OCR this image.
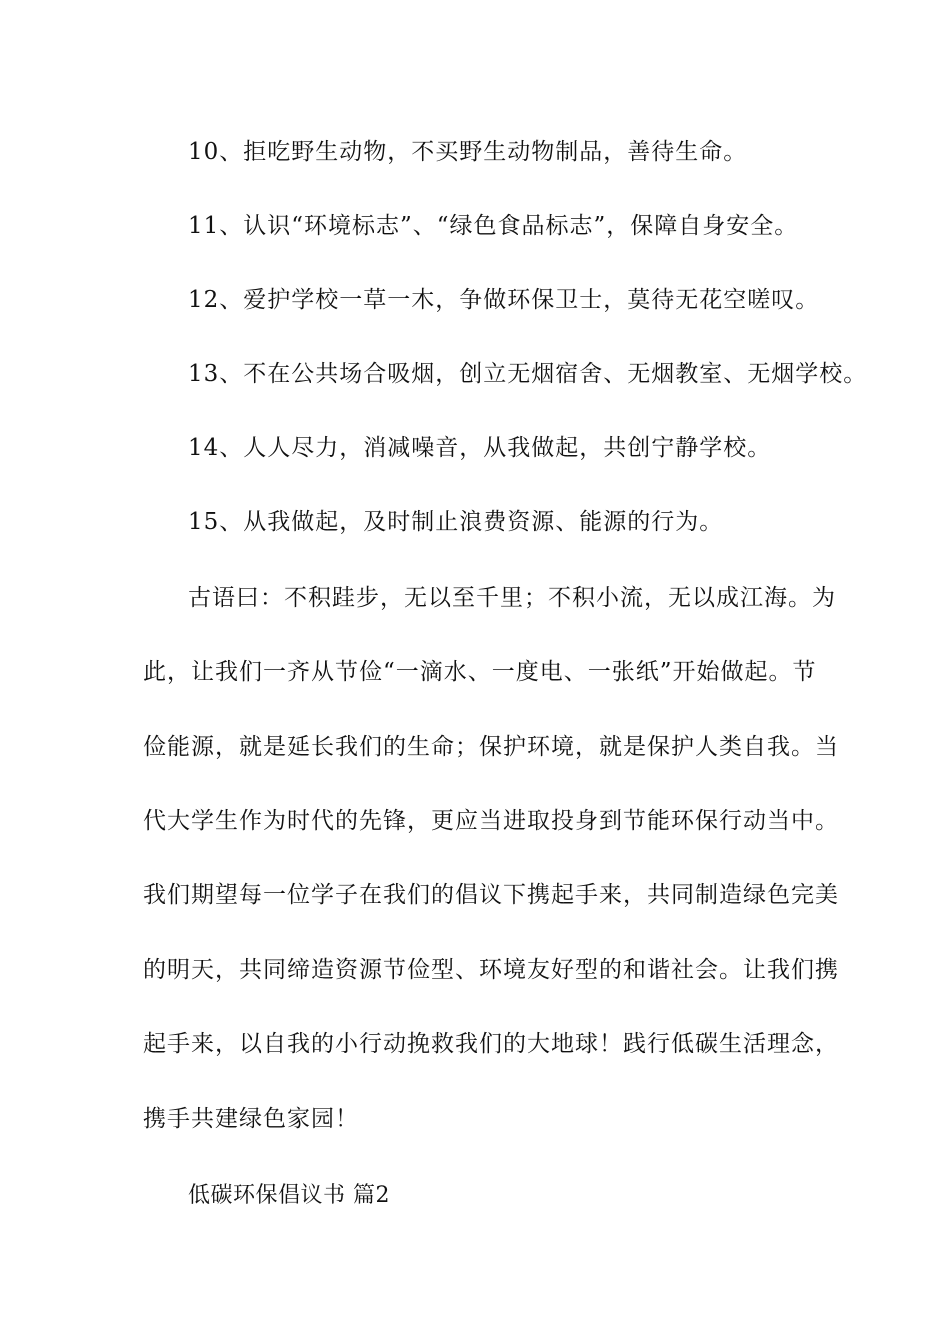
10、拒吃野生动物，不买野生动物制品，善待生命。
11、认识“环境标志”、“绿色食品标志”，保障自身安全。
12、爱护学校一草一木，争做环保卫士，莫待无花空嗟叹。
13、不在公共场合吸烟，创立无烟宿舍、无烟教室、无烟学校。
14、人人尽力，消减噪音，从我做起，共创宁静学校。
15、从我做起，及时制止浪费资源、能源的行为。
古语曰：不积跬步，无以至千里；不积小流，无以成江海。为
此，让我们一齐从节俭“一滴水、一度电、一张纸”开始做起。节
俭能源，就是延长我们的生命；保护环境，就是保护人类自我。当
代大学生作为时代的先锋，更应当进取投身到节能环保行动当中。
我们期望每一位学子在我们的倡议下携起手来，共同制造绿色完美
的明天，共同缔造资源节俭型、环境友好型的和谐社会。让我们携
起手来，以自我的小行动挽救我们的大地球！践行低碳生活理念，
携手共建绿色家园！
低碳环保倡议书 篇2
